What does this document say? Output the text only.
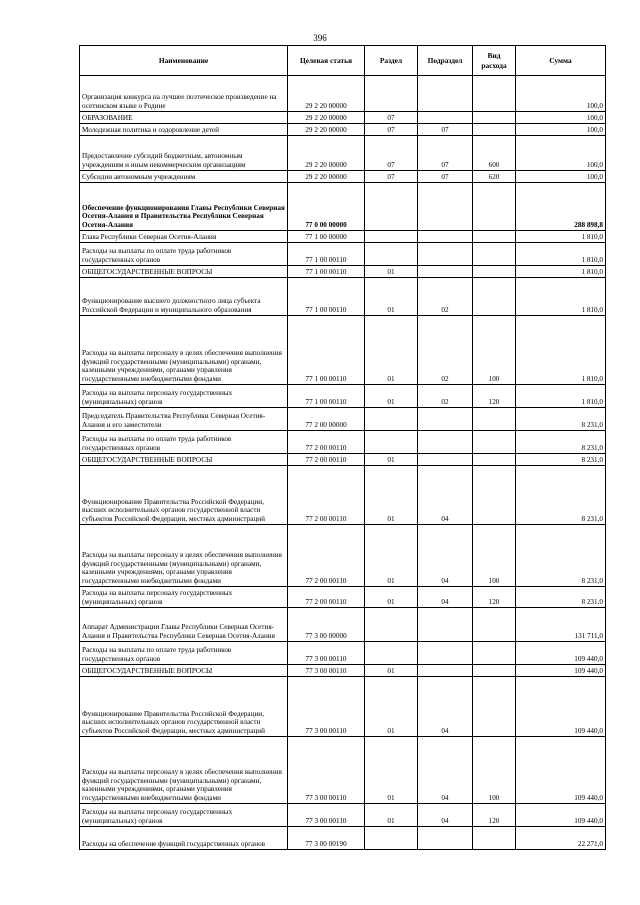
396
Наименование	Целевая статья	Раздел	Подраздел	Вид расхода	Сумма
Организация конкурса на лучшее поэтическое произведение на осетинском языке о Родине	29 2 20 00000				100,0
ОБРАЗОВАНИЕ	29 2 20 00000	07			100,0
Молодежная политика и оздоровление детей	29 2 20 00000	07	07		100,0
Предоставление субсидий бюджетным, автономным учреждениям и иным некоммерческим организациям	29 2 20 00000	07	07	600	100,0
Субсидии автономным учреждениям	29 2 20 00000	07	07	620	100,0
Обеспечение функционирования Главы Республики Северная Осетия-Алания и Правительства Республики Северная Осетия-Алания	77 0 00 00000				288 898,8
Глава Республики Северная Осетия-Алания	77 1 00 00000				1 810,0
Расходы на выплаты по оплате труда работников государственных органов	77 1 00 00110				1 810,0
ОБЩЕГОСУДАРСТВЕННЫЕ ВОПРОСЫ	77 1 00 00110	01			1 810,0
Функционирование высшего должностного лица субъекта Российской Федерации и муниципального образования	77 1 00 00110	01	02		1 810,0
Расходы на выплаты персоналу в целях обеспечения выполнения функций государственными (муниципальными) органами, казенными учреждениями, органами управления государственными внебюджетными фондами	77 1 00 00110	01	02	100	1 810,0
Расходы на выплаты персоналу государственных (муниципальных) органов	77 1 00 00110	01	02	120	1 810,0
Председатель Правительства Республики Северная Осетия-Алания и его заместители	77 2 00 00000				8 231,0
Расходы на выплаты по оплате труда работников государственных органов	77 2 00 00110				8 231,0
ОБЩЕГОСУДАРСТВЕННЫЕ ВОПРОСЫ	77 2 00 00110	01			8 231,0
Функционирование Правительства Российской Федерации, высших исполнительных органов государственной власти субъектов Российской Федерации, местных администраций	77 2 00 00110	01	04		8 231,0
Расходы на выплаты персоналу в целях обеспечения выполнения функций государственными (муниципальными) органами, казенными учреждениями, органами управления государственными внебюджетными фондами	77 2 00 00110	01	04	100	8 231,0
Расходы на выплаты персоналу государственных (муниципальных) органов	77 2 00 00110	01	04	120	8 231,0
Аппарат Администрации Главы Республики Северная Осетия-Алания и Правительства Республики Северная Осетия-Алания	77 3 00 00000				131 711,0
Расходы на выплаты по оплате труда работников государственных органов	77 3 00 00110				109 440,0
ОБЩЕГОСУДАРСТВЕННЫЕ ВОПРОСЫ	77 3 00 00110	01			109 440,0
Функционирование Правительства Российской Федерации, высших исполнительных органов государственной власти субъектов Российской Федерации, местных администраций	77 3 00 00110	01	04		109 440,0
Расходы на выплаты персоналу в целях обеспечения выполнения функций государственными (муниципальными) органами, казенными учреждениями, органами управления государственными внебюджетными фондами	77 3 00 00110	01	04	100	109 440,0
Расходы на выплаты персоналу государственных (муниципальных) органов	77 3 00 00110	01	04	120	109 440,0
Расходы на обеспечение функций государственных органов	77 3 00 00190				22 271,0
